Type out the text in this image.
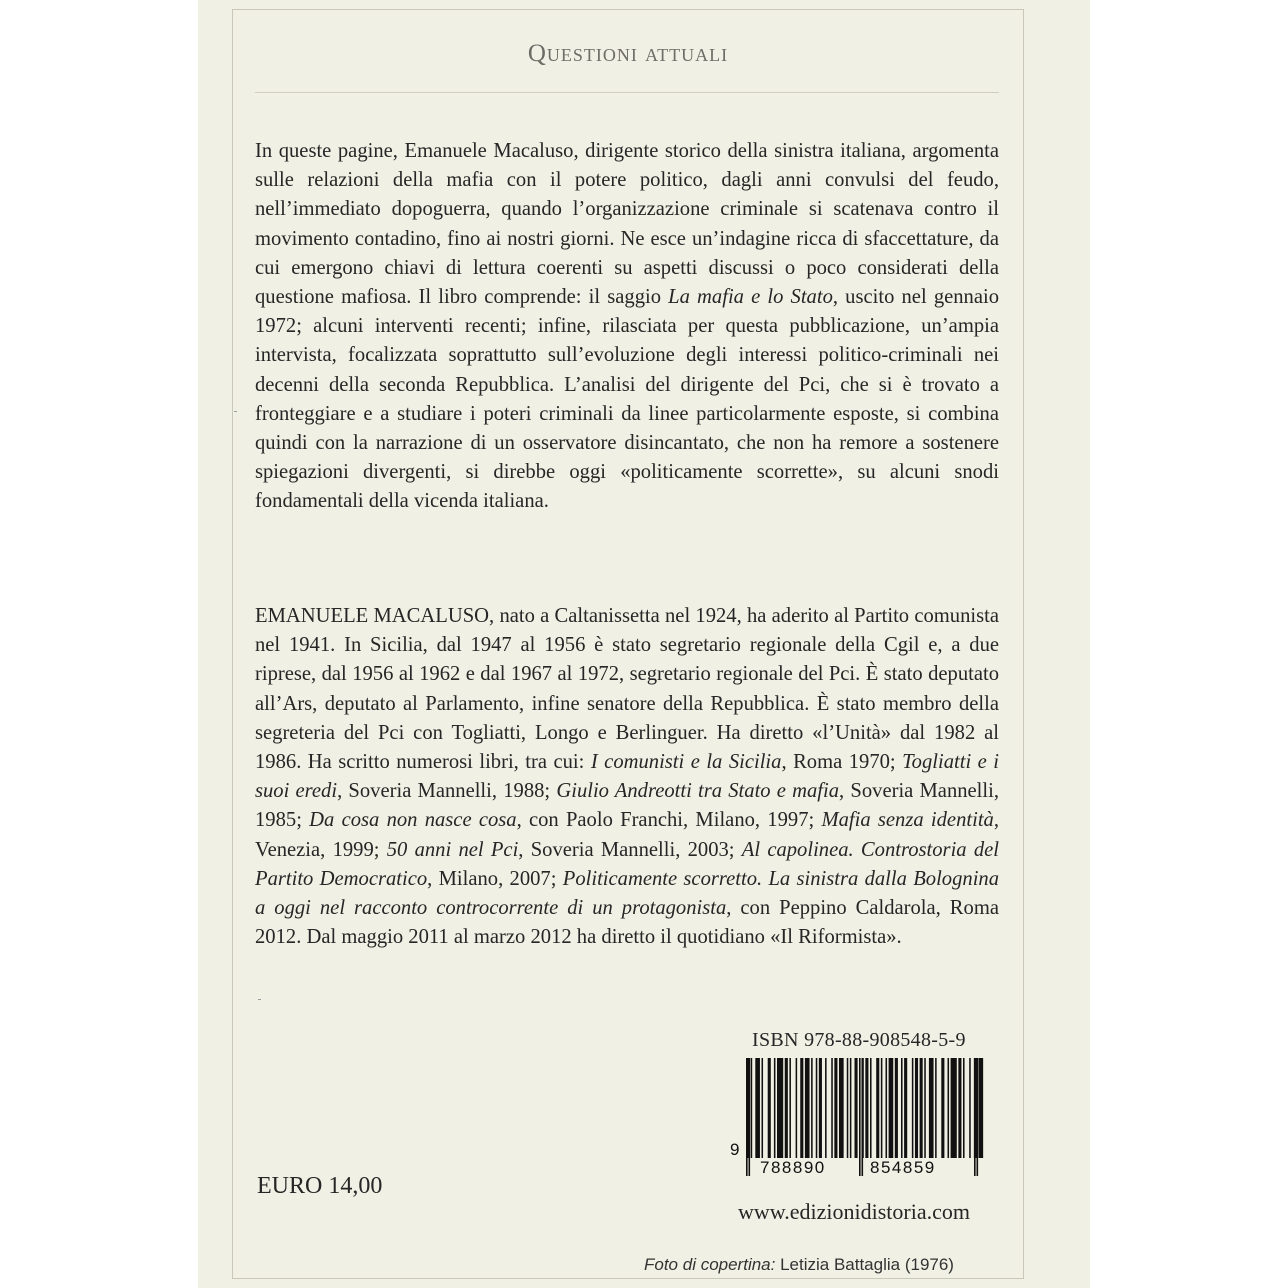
Questioni attuali

In queste pagine, Emanuele Macaluso, dirigente storico della sinistra italiana, argomenta sulle relazioni della mafia con il potere politico, dagli anni convulsi del feudo, nell’immediato dopoguerra, quando l’organizzazione criminale si scatenava contro il movimento contadino, fino ai nostri giorni. Ne esce un’indagine ricca di sfaccettature, da cui emergono chiavi di lettura coerenti su aspetti discussi o poco considerati della questione mafiosa. Il libro comprende: il saggio La mafia e lo Stato, uscito nel gennaio 1972; alcuni interventi recenti; infine, rilasciata per questa pubblicazione, un’ampia intervista, focalizzata soprattutto sull’evoluzione degli interessi politico-criminali nei decenni della seconda Repubblica. L’analisi del dirigente del Pci, che si è trovato a fronteggiare e a studiare i poteri criminali da linee particolarmente esposte, si combina quindi con la narrazione di un osservatore disincantato, che non ha remore a sostenere spiegazioni divergenti, si direbbe oggi «politicamente scorrette», su alcuni snodi fondamentali della vicenda italiana.

EMANUELE MACALUSO, nato a Caltanissetta nel 1924, ha aderito al Partito comunista nel 1941. In Sicilia, dal 1947 al 1956 è stato segretario regionale della Cgil e, a due riprese, dal 1956 al 1962 e dal 1967 al 1972, segretario regionale del Pci. È stato deputato all’Ars, deputato al Parlamento, infine senatore della Repubblica. È stato membro della segreteria del Pci con Togliatti, Longo e Berlinguer. Ha diretto «l’Unità» dal 1982 al 1986. Ha scritto numerosi libri, tra cui: I comunisti e la Sicilia, Roma 1970; Togliatti e i suoi eredi, Soveria Mannelli, 1988; Giulio Andreotti tra Stato e mafia, Soveria Mannelli, 1985; Da cosa non nasce cosa, con Paolo Franchi, Milano, 1997; Mafia senza identità, Venezia, 1999; 50 anni nel Pci, Soveria Mannelli, 2003; Al capolinea. Controstoria del Partito Democratico, Milano, 2007; Politicamente scorretto. La sinistra dalla Bolognina a oggi nel racconto controcorrente di un protagonista, con Peppino Caldarola, Roma 2012. Dal maggio 2011 al marzo 2012 ha diretto il quotidiano «Il Riformista».

ISBN 978-88-908548-5-9
9
788890	854859
EURO 14,00
www.edizionidistoria.com
Foto di copertina: Letizia Battaglia (1976)
